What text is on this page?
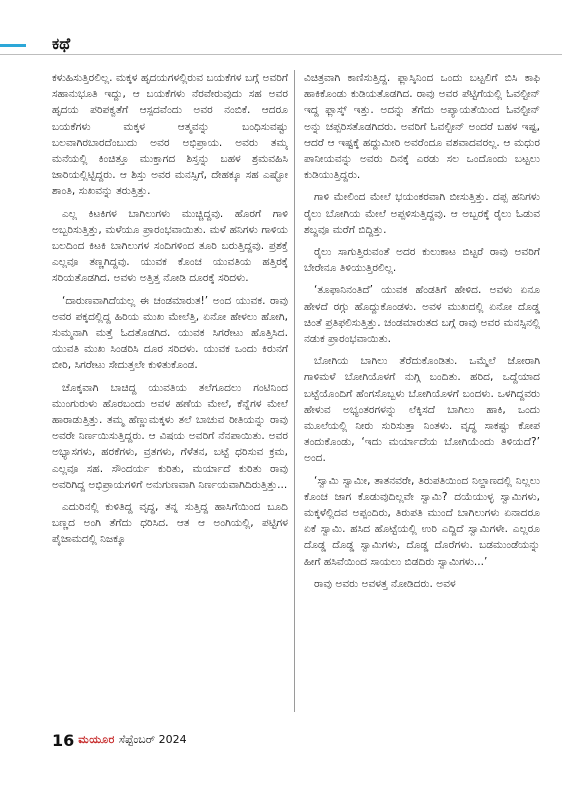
ಕಥೆ

ಕಳುಹಿಸುತ್ತಿರಲಿಲ್ಲ. ಮಕ್ಕಳ ಹೃದಯಗಳಲ್ಲಿರುವ ಬಯಕೆಗಳ ಬಗ್ಗೆ ಅವರಿಗೆ ಸಹಾನುಭೂತಿ ಇದ್ದು, ಆ ಬಯಕೆಗಳು ನೆರವೇರುವುದು ಸಹ ಅವರ ಹೃದಯ ಪರಿಪಕ್ವತೆಗೆ ಆಸ್ಪದವೆಂದು ಅವರ ನಂಬಿಕೆ. ಆದರೂ ಬಯಕೆಗಳು ಮಕ್ಕಳ ಆತ್ಮವನ್ನು ಬಂಧಿಸುವಷ್ಟು ಬಲವಾಗಿರಬಾರದೆಂಬುದು ಅವರ ಅಭಿಪ್ರಾಯ. ಅವರು ತಮ್ಮ ಮನೆಯಲ್ಲಿ ಕಿಂಚಿತ್ತೂ ಮುಕ್ತಾಗದ ಶಿಸ್ತನ್ನು ಬಹಳ ಶ್ರಮವಹಿಸಿ ಜಾರಿಯಲ್ಲಿಟ್ಟಿದ್ದರು. ಆ ಶಿಸ್ತು ಅವರ ಮನಸ್ಸಿಗೆ, ದೇಹಕ್ಕೂ ಸಹ ಎಷ್ಟೋ ಶಾಂತಿ, ಸುಖವನ್ನು ತರುತ್ತಿತ್ತು.

ಎಲ್ಲ ಕಿಟಕಿಗಳ ಬಾಗಿಲುಗಳು ಮುಚ್ಚಿದ್ದವು. ಹೊರಗೆ ಗಾಳಿ ಅಬ್ಬರಿಸುತ್ತಿತ್ತು, ಮಳೆಯೂ ಪ್ರಾರಂಭವಾಯಿತು. ಮಳೆ ಹನಿಗಳು ಗಾಳಿಯ ಬಲದಿಂದ ಕಿಟಕಿ ಬಾಗಿಲುಗಳ ಸಂದಿಗಳಿಂದ ತೂರಿ ಬರುತ್ತಿದ್ದವು. ಪ್ರಶಕ್ತೆ ಎಲ್ಲವೂ ತಣ್ಣಗಿದ್ದವು. ಯುವಕ ಕೊಂಚ ಯುವತಿಯ ಹತ್ತಿರಕ್ಕೆ ಸರಿಯತೊಡಗಿದ. ಅವಳು ಅತ್ತಿತ್ತ ನೋಡಿ ದೂರಕ್ಕೆ ಸರಿದಳು.

‘ದಾರುಣವಾಗಿದೆಯಲ್ಲ ಈ ಚಂಡಮಾರುತ!’ ಅಂದ ಯುವಕ. ರಾವು ಅವರ ಪಕ್ಕದಲ್ಲಿದ್ದ ಹಿರಿಯ ಮುಖ ಮೇಲೆತ್ತಿ, ಏನೋ ಹೇಳಲು ಹೋಗಿ, ಸುಮ್ಮನಾಗಿ ಮತ್ತೆ ಓದತೊಡಗಿದ. ಯುವಕ ಸಿಗರೇಟು ಹೊತ್ತಿಸಿದ. ಯುವತಿ ಮುಖ ಸಿಂಡರಿಸಿ ದೂರ ಸರಿದಳು. ಯುವಕ ಒಂದು ಕಿರುನಗೆ ಬೀರಿ, ಸಿಗರೇಟು ಸೇದುತ್ತಲೇ ಕುಳಿತುಕೊಂಡ.

ಚೊಕ್ಕವಾಗಿ ಬಾಚಿದ್ದ ಯುವತಿಯ ತಲೆಗೂದಲು ಗಂಟಿನಿಂದ ಮುಂಗುರುಳು ಹೊರಬಂದು ಅವಳ ಹಣೆಯ ಮೇಲೆ, ಕೆನ್ನೆಗಳ ಮೇಲೆ ಹಾರಾಡುತ್ತಿತ್ತು. ತಮ್ಮ ಹೆಣ್ಣುಮಕ್ಕಳು ತಲೆ ಬಾಚುವ ರೀತಿಯನ್ನು ರಾವು ಅವರೇ ನಿರ್ಣಯಿಸುತ್ತಿದ್ದರು. ಆ ವಿಷಯ ಅವರಿಗೆ ನೆನಪಾಯಿತು. ಅವರ ಅಭ್ಯಾಸಗಳು, ಹರಕೆಗಳು, ವ್ರತಗಳು, ಗೆಳೆತನ, ಬಟ್ಟೆ ಧರಿಸುವ ಕ್ರಮ, ಎಲ್ಲವೂ ಸಹ. ಸೌಂದರ್ಯ ಕುರಿತು, ಮರ್ಯಾದೆ ಕುರಿತು ರಾವು ಅವರಿಗಿದ್ದ ಅಭಿಪ್ರಾಯಗಳಿಗೆ ಅನುಗುಣವಾಗಿ ನಿರ್ಣಯವಾಗಿದಿರುತ್ತಿತ್ತು...

ಎದುರಿನಲ್ಲಿ ಕುಳಿತಿದ್ದ ವೃದ್ಧ, ತನ್ನ ಸುತ್ತಿದ್ದ ಹಾಸಿಗೆಯಿಂದ ಬೂದಿ ಬಣ್ಣದ ಅಂಗಿ ತೆಗೆದು ಧರಿಸಿದ. ಆತ ಆ ಅಂಗಿಯಲ್ಲಿ, ಪಟ್ಟಿಗಳ ಪೈಜಾಮದಲ್ಲಿ ನಿಜಕ್ಕೂ

ವಿಚಿತ್ರವಾಗಿ ಕಾಣಿಸುತ್ತಿದ್ದ. ಫ್ಲಾಸ್ಕಿನಿಂದ ಒಂದು ಬಟ್ಟಲಿಗೆ ಬಿಸಿ ಕಾಫಿ ಹಾಕಿಕೊಂಡು ಕುಡಿಯತೊಡಗಿದ. ರಾವು ಅವರ ಪೆಟ್ಟಿಗೆಯಲ್ಲಿ ಓವಲ್ಟೀನ್ ಇದ್ದ ಫ್ಲಾಸ್ಕ್ ಇತ್ತು. ಅದನ್ನು ತೆಗೆದು ಅಪ್ಯಾಯತೆಯಿಂದ ಓವಲ್ಟೀನ್ ಅನ್ನು ಚಪ್ಪರಿಸತೊಡಗಿದರು. ಅವರಿಗೆ ಓವಲ್ಟೀನ್ ಅಂದರೆ ಬಹಳ ಇಷ್ಟ, ಆದರೆ ಆ ಇಷ್ಟಕ್ಕೆ ಹದ್ದುಮೀರಿ ಅವರೆಂದೂ ವಶವಾದವರಲ್ಲ. ಆ ಮಧುರ ಪಾನೀಯವನ್ನು ಅವರು ದಿನಕ್ಕೆ ಎರಡು ಸಲ ಒಂದೊಂದು ಬಟ್ಟಲು ಕುಡಿಯುತ್ತಿದ್ದರು.

ಗಾಳಿ ಮೇಲಿಂದ ಮೇಲೆ ಭಯಂಕರವಾಗಿ ಬೀಸುತ್ತಿತ್ತು. ದಪ್ಪ ಹನಿಗಳು ರೈಲು ಬೋಗಿಯ ಮೇಲೆ ಅಪ್ಪಳಿಸುತ್ತಿದ್ದವು. ಆ ಅಬ್ಬರಕ್ಕೆ ರೈಲು ಓಡುವ ಶಬ್ದವೂ ಮರೆಗೆ ಬಿದ್ದಿತ್ತು.

ರೈಲು ಸಾಗುತ್ತಿರುವಂತೆ ಅದರ ಕುಲುಕಾಟ ಬಿಟ್ಟರೆ ರಾವು ಅವರಿಗೆ ಬೇರೇನೂ ತಿಳಿಯುತ್ತಿರಲಿಲ್ಲ.

‘ತೂಫಾನಿನಂತಿದೆ’ ಯುವಕ ಹೆಂಡತಿಗೆ ಹೇಳಿದ. ಅವಳು ಏನೂ ಹೇಳದೆ ರಗ್ಗು ಹೊದ್ದುಕೊಂಡಳು. ಅವಳ ಮುಖದಲ್ಲಿ ಏನೋ ದೊಡ್ಡ ಚಿಂತೆ ಪ್ರತಿಫಲಿಸುತ್ತಿತ್ತು. ಚಂಡಮಾರುತದ ಬಗ್ಗೆ ರಾವು ಅವರ ಮನಸ್ಸಿನಲ್ಲಿ ನಡುಕ ಪ್ರಾರಂಭವಾಯಿತು.

ಬೋಗಿಯ ಬಾಗಿಲು ತೆರೆದುಕೊಂಡಿತು. ಒಮ್ಮೆಲೆ ಜೋರಾಗಿ ಗಾಳಿಮಳೆ ಬೋಗಿಯೊಳಗೆ ನುಗ್ಗಿ ಬಂದಿತು. ಹರಿದ, ಒದ್ದೆಯಾದ ಬಟ್ಟೆಯೊಂದಿಗೆ ಹೆಂಗಸೊಬ್ಬಳು ಬೋಗಿಯೊಳಗೆ ಬಂದಳು. ಒಳಗಿದ್ದವರು ಹೇಳುವ ಅಭ್ಯಂತರಗಳನ್ನು ಲೆಕ್ಕಿಸದೆ ಬಾಗಿಲು ಹಾಕಿ, ಒಂದು ಮೂಲೆಯಲ್ಲಿ ನೀರು ಸುರಿಸುತ್ತಾ ನಿಂತಳು. ವೃದ್ಧ ಸಾಕಷ್ಟು ಕೋಪ ತಂದುಕೊಂಡು, ‘ಇದು ಮರ್ಯಾದೆಯ ಬೋಗಿಯೆಂದು ತಿಳಿಯದೆ?’ ಅಂದ.

‘ಸ್ವಾಮಿ ಸ್ವಾಮೀ, ತಾತನವರೇ, ತಿರುಪತಿಯಿಂದ ನಿಲ್ದಾಣದಲ್ಲಿ ನಿಲ್ಲಲು ಕೊಂಚ ಜಾಗ ಕೊಡುವುದಿಲ್ಲವೇ ಸ್ವಾಮಿ? ದಯೆಯುಳ್ಳ ಸ್ವಾಮಿಗಳು, ಮಕ್ಕಳೆಲ್ಲಿದವ ಅಪ್ಪಂದಿರು, ತಿರುಪತಿ ಮುಂದೆ ಬಾಗಿಲುಗಳು ಏನಾದರೂ ಏಕೆ ಸ್ವಾಮಿ. ಹಸಿದ ಹೊಟ್ಟೆಯಲ್ಲಿ ಉರಿ ಎದ್ದಿದೆ ಸ್ವಾಮಿಗಳೇ. ಎಲ್ಲರೂ ದೊಡ್ಡ ದೊಡ್ಡ ಸ್ವಾಮಿಗಳು, ದೊಡ್ಡ ದೊರೆಗಳು. ಬಡಮುಂಡೆಯನ್ನು ಹೀಗೆ ಹಸಿವೆಯಿಂದ ಸಾಯಲು ಬಿಡದಿರು ಸ್ವಾಮಿಗಳು...’

ರಾವು ಅವರು ಅವಳತ್ತ ನೋಡಿದರು. ಅವಳ

16 ಮಯೂರ ಸೆಪ್ಟೆಂಬರ್ 2024
